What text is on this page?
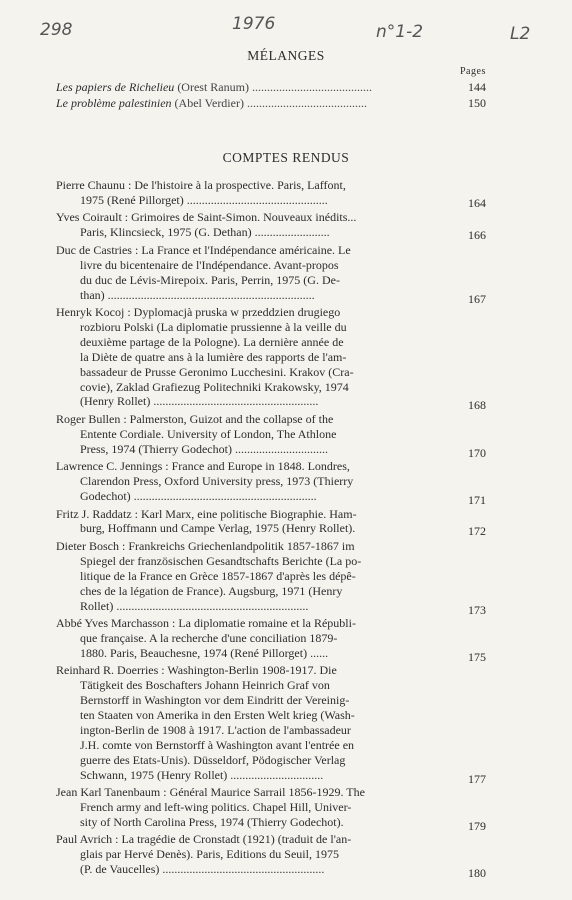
298	1976	n°1-2	L2
MÉLANGES
Pages
Les papiers de Richelieu (Orest Ranum) ........................................	144
Le problème palestinien (Abel Verdier) ........................................	150
COMPTES RENDUS
Pierre Chaunu : De l'histoire à la prospective. Paris, Laffont,
1975 (René Pillorget) ...............................................	164
Yves Coirault : Grimoires de Saint-Simon. Nouveaux inédits...
Paris, Klincsieck, 1975 (G. Dethan) .........................	166
Duc de Castries : La France et l'Indépendance américaine. Le
livre du bicentenaire de l'Indépendance. Avant-propos
du duc de Lévis-Mirepoix. Paris, Perrin, 1975 (G. De-
than) .....................................................................	167
Henryk Kocoj : Dyplomacjà pruska w przeddzien drugiego
rozbioru Polski (La diplomatie prussienne à la veille du
deuxième partage de la Pologne). La dernière année de
la Diète de quatre ans à la lumière des rapports de l'am-
bassadeur de Prusse Geronimo Lucchesini. Krakov (Cra-
covie), Zaklad Grafiezug Politechniki Krakowsky, 1974
(Henry Rollet) .......................................................	168
Roger Bullen : Palmerston, Guizot and the collapse of the
Entente Cordiale. University of London, The Athlone
Press, 1974 (Thierry Godechot) ...............................	170
Lawrence C. Jennings : France and Europe in 1848. Londres,
Clarendon Press, Oxford University press, 1973 (Thierry
Godechot) .............................................................	171
Fritz J. Raddatz : Karl Marx, eine politische Biographie. Ham-
burg, Hoffmann und Campe Verlag, 1975 (Henry Rollet).	172
Dieter Bosch : Frankreichs Griechenlandpolitik 1857-1867 im
Spiegel der französischen Gesandtschafts Berichte (La po-
litique de la France en Grèce 1857-1867 d'après les dépê-
ches de la légation de France). Augsburg, 1971 (Henry
Rollet) ................................................................	173
Abbé Yves Marchasson : La diplomatie romaine et la Républi-
que française. A la recherche d'une conciliation 1879-
1880. Paris, Beauchesne, 1974 (René Pillorget) ......	175
Reinhard R. Doerries : Washington-Berlin 1908-1917. Die
Tätigkeit des Boschafters Johann Heinrich Graf von
Bernstorff in Washington vor dem Eindritt der Vereinig-
ten Staaten von Amerika in den Ersten Welt krieg (Wash-
ington-Berlin de 1908 à 1917. L'action de l'ambassadeur
J.H. comte von Bernstorff à Washington avant l'entrée en
guerre des Etats-Unis). Düsseldorf, Pödogischer Verlag
Schwann, 1975 (Henry Rollet) ...............................	177
Jean Karl Tanenbaum : Général Maurice Sarrail 1856-1929. The
French army and left-wing politics. Chapel Hill, Univer-
sity of North Carolina Press, 1974 (Thierry Godechot).	179
Paul Avrich : La tragédie de Cronstadt (1921) (traduit de l'an-
glais par Hervé Denès). Paris, Editions du Seuil, 1975
(P. de Vaucelles) ......................................................	180
